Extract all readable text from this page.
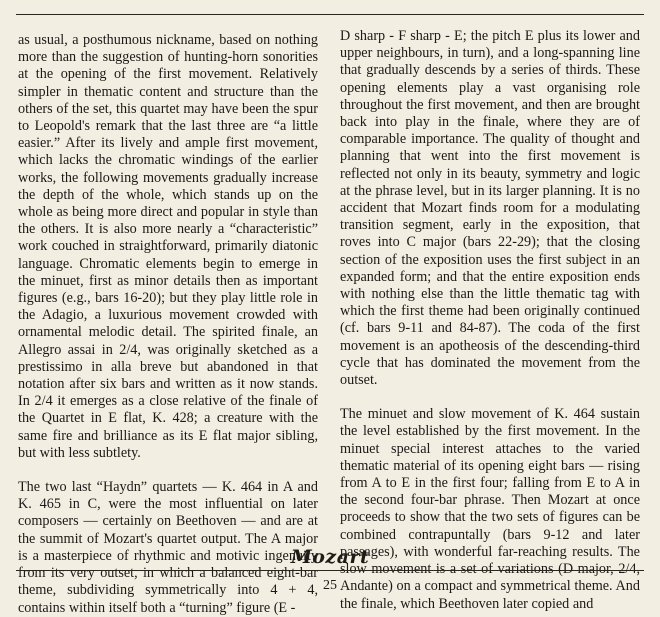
as usual, a posthumous nickname, based on nothing more than the suggestion of hunting-horn sonorities at the opening of the first movement. Relatively simpler in thematic content and structure than the others of the set, this quartet may have been the spur to Leopold's remark that the last three are “a little easier.” After its lively and ample first movement, which lacks the chromatic windings of the earlier works, the following movements gradually increase the depth of the whole, which stands up on the whole as being more direct and popular in style than the others. It is also more nearly a “characteristic” work couched in straightforward, primarily diatonic language. Chromatic elements begin to emerge in the minuet, first as minor details then as important figures (e.g., bars 16-20); but they play little role in the Adagio, a luxurious movement crowded with ornamental melodic detail. The spirited finale, an Allegro assai in 2/4, was originally sketched as a prestissimo in alla breve but abandoned in that notation after six bars and written as it now stands. In 2/4 it emerges as a close relative of the finale of the Quartet in E flat, K. 428; a creature with the same fire and brilliance as its E flat major sibling, but with less subtlety.

The two last “Haydn” quartets — K. 464 in A and K. 465 in C, were the most influential on later composers — certainly on Beethoven — and are at the summit of Mozart's quartet output. The A major is a masterpiece of rhythmic and motivic ingenuity from its very outset, in which a balanced eight-bar theme, subdividing symmetrically into 4 + 4, contains within itself both a “turning” figure (E -

D sharp - F sharp - E; the pitch E plus its lower and upper neighbours, in turn), and a long-spanning line that gradually descends by a series of thirds. These opening elements play a vast organising role throughout the first movement, and then are brought back into play in the finale, where they are of comparable importance. The quality of thought and planning that went into the first movement is reflected not only in its beauty, symmetry and logic at the phrase level, but in its larger planning. It is no accident that Mozart finds room for a modulating transition segment, early in the exposition, that roves into C major (bars 22-29); that the closing section of the exposition uses the first subject in an expanded form; and that the entire exposition ends with nothing else than the little thematic tag with which the first theme had been originally continued (cf. bars 9-11 and 84-87). The coda of the first movement is an apotheosis of the descending-third cycle that has dominated the movement from the outset.

The minuet and slow movement of K. 464 sustain the level established by the first movement. In the minuet special interest attaches to the varied thematic material of its opening eight bars — rising from A to E in the first four; falling from E to A in the second four-bar phrase. Then Mozart at once proceeds to show that the two sets of figures can be combined contrapuntally (bars 9-12 and later passages), with wonderful far-reaching results. The slow movement is a set of variations (D major, 2/4, Andante) on a compact and symmetrical theme. And the finale, which Beethoven later copied and

Mozart
25
